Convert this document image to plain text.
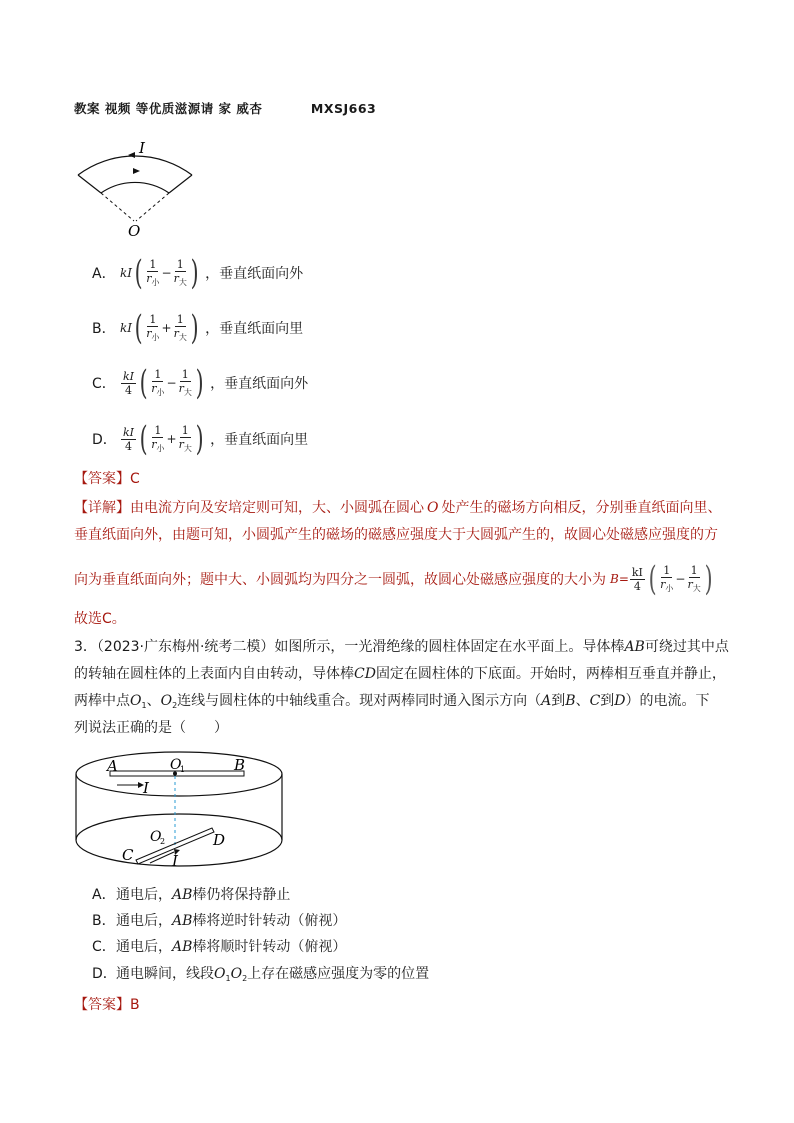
教案 视频 等优质滋源请 家 威杏          MXSJ663
I
O
A． kI ( $\frac{1}{r_小} - \frac{1}{r_大}$ ) ，垂直纸面向外
B． kI ( $\frac{1}{r_小} + \frac{1}{r_大}$ ) ，垂直纸面向里
C． $\frac{kI}{4}$ ( $\frac{1}{r_小} - \frac{1}{r_大}$ ) ，垂直纸面向外
D． $\frac{kI}{4}$ ( $\frac{1}{r_小} + \frac{1}{r_大}$ ) ，垂直纸面向里
【答案】C
【详解】由电流方向及安培定则可知，大、小圆弧在圆心 O 处产生的磁场方向相反，分别垂直纸面向里、
垂直纸面向外，由题可知，小圆弧产生的磁场的磁感应强度大于大圆弧产生的，故圆心处磁感应强度的方
向为垂直纸面向外；题中大、小圆弧均为四分之一圆弧，故圆心处磁感应强度的大小为 $B= \frac{kI}{4}$ ( $\frac{1}{r_小} - \frac{1}{r_大}$ )
故选C。
3．（2023·广东梅州·统考二模）如图所示，一光滑绝缘的圆柱体固定在水平面上。导体棒AB可绕过其中点
的转轴在圆柱体的上表面内自由转动，导体棒CD固定在圆柱体的下底面。开始时，两棒相互垂直并静止，
两棒中点$O_1$、$O_2$连线与圆柱体的中轴线重合。现对两棒同时通入图示方向（A到B、C到D）的电流。下
列说法正确的是（　　）
A	B
O
1
I
O
2	D
C	I
A．通电后，AB棒仍将保持静止
B．通电后，AB棒将逆时针转动（俯视）
C．通电后，AB棒将顺时针转动（俯视）
D．通电瞬间，线段$O_1O_2$上存在磁感应强度为零的位置
【答案】B
